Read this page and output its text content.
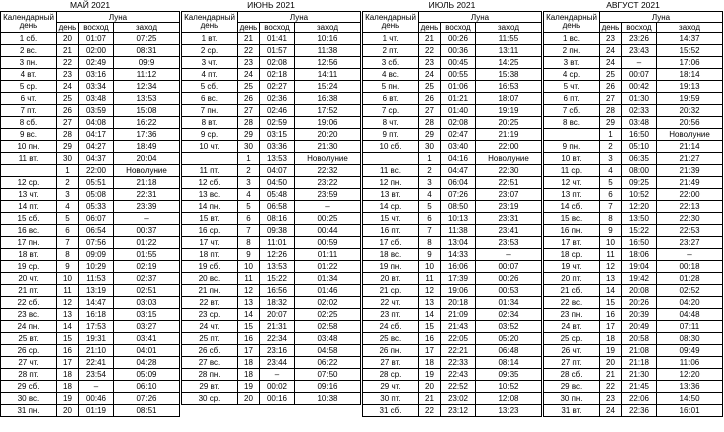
МАЙ 2021			
Календарный день	Луна		
	день	восход	заход
1 сб.	20	01:07	07:25
2 вс.	21	02:00	08:31
3 пн.	22	02:49	09:9
4 вт.	23	03:16	11:12
5 ср.	24	03:34	12:34
6 чт.	25	03:48	13:53
7 пт.	26	03:59	15:08
8 сб.	27	04:08	16:22
9 вс.	28	04:17	17:36
10 пн.	29	04:27	18:49
11 вт.	30	04:37	20:04
	1	22:00	Новолуние
12 ср.	2	05:51	21:18
13 чт.	3	05:08	22:31
14 пт.	4	05:33	23:39
15 сб.	5	06:07	–
16 вс.	6	06:54	00:37
17 пн.	7	07:56	01:22
18 вт.	8	09:09	01:55
19 ср.	9	10:29	02:19
20 чт.	10	11:53	02:37
21 пт.	11	13:19	02:51
22 сб.	12	14:47	03:03
23 вс.	13	16:18	03:15
24 пн.	14	17:53	03:27
25 вт.	15	19:31	03:41
26 ср.	16	21:10	04:01
27 чт.	17	22:41	04:28
28 пт.	18	23:54	05:09
29 сб.	18	–	06:10
30 вс.	19	00:46	07:26
31 пн.	20	01:19	08:51
ИЮНЬ 2021			
Календарный день	Луна		
	день	восход	заход
1 вт.	21	01:41	10:16
2 ср.	22	01:57	11:38
3 чт.	23	02:08	12:56
4 пт.	24	02:18	14:11
5 сб.	25	02:27	15:24
6 вс.	26	02:36	16:38
7 пн.	27	02:46	17:52
8 вт.	28	02:59	19:06
9 ср.	29	03:15	20:20
10 чт.	30	03:36	21:30
	1	13:53	Новолуние
11 пт.	2	04:07	22:32
12 сб.	3	04:50	23:22
13 вс.	4	05:48	23:59
14 пн.	5	06:58	–
15 вт.	6	08:16	00:25
16 ср.	7	09:38	00:44
17 чт.	8	11:01	00:59
18 пт.	9	12:26	01:11
19 сб.	10	13:53	01:22
20 вс.	11	15:22	01:34
21 пн.	12	16:56	01:46
22 вт.	13	18:32	02:02
23 ср.	14	20:07	02:25
24 чт.	15	21:31	02:58
25 пт.	16	22:34	03:48
26 сб.	17	23:16	04:58
27 вс.	18	23:44	06:22
28 пн.	18	–	07:50
29 вт.	19	00:02	09:16
30 ср.	20	00:16	10:38
ИЮЛЬ 2021			
Календарный день	Луна		
	день	восход	заход
1 чт.	21	00:26	11:55
2 пт.	22	00:36	13:11
3 сб.	23	00:45	14:25
4 вс.	24	00:55	15:38
5 пн.	25	01:06	16:53
6 вт.	26	01:21	18:07
7 ср.	27	01:40	19:19
8 чт.	28	02:08	20:25
9 пт.	29	02:47	21:19
10 сб.	30	03:40	22:00
	1	04:16	Новолуние
11 вс.	2	04:47	22:30
12 пн.	3	06:04	22:51
13 вт.	4	07:26	23:07
14 ср.	5	08:50	23:19
15 чт.	6	10:13	23:31
16 пт.	7	11:38	23:41
17 сб.	8	13:04	23:53
18 вс.	9	14:33	–
19 пн.	10	16:06	00:07
20 вт.	11	17:39	00:26
21 ср.	12	19:06	00:53
22 чт.	13	20:18	01:34
23 пт.	14	21:09	02:34
24 сб.	15	21:43	03:52
25 вс.	16	22:05	05:20
26 пн.	17	22:21	06:48
27 вт.	18	22:33	08:14
28 ср.	19	22:43	09:35
29 чт.	20	22:52	10:52
30 пт.	21	23:02	12:08
31 сб.	22	23:12	13:23
АВГУСТ 2021			
Календарный день	Луна		
	день	восход	заход
1 вс.	23	23:26	14:37
2 пн.	24	23:43	15:52
3 вт.	24	–	17:06
4 ср.	25	00:07	18:14
5 чт.	26	00:42	19:13
6 пт.	27	01:30	19:59
7 сб.	28	02:33	20:32
8 вс.	29	03:48	20:56
	1	16:50	Новолуние
9 пн.	2	05:10	21:14
10 вт.	3	06:35	21:27
11 ср.	4	08:00	21:39
12 чт.	5	09:25	21:49
13 пт.	6	10:52	22:00
14 сб.	7	12:20	22:13
15 вс.	8	13:50	22:30
16 пн.	9	15:22	22:53
17 вт.	10	16:50	23:27
18 ср.	11	18:06	–
19 чт.	12	19:04	00:18
20 пт.	13	19:42	01:28
21 сб.	14	20:08	02:52
22 вс.	15	20:26	04:20
23 пн.	16	20:39	04:48
24 вт.	17	20:49	07:11
25 ср.	18	20:58	08:30
26 чт.	19	21:08	09:49
27 пт.	20	21:18	11:06
28 сб.	21	21:30	12:20
29 вс.	22	21:45	13:36
30 пн.	23	22:06	14:50
31 вт.	24	22:36	16:01
